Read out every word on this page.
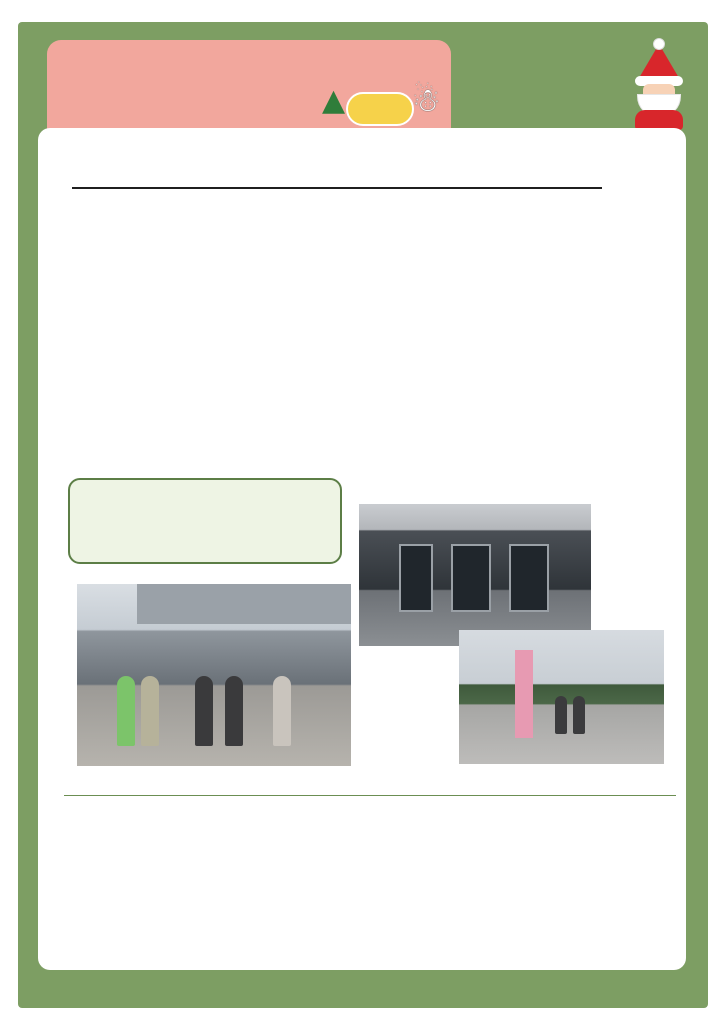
▲ ☃
